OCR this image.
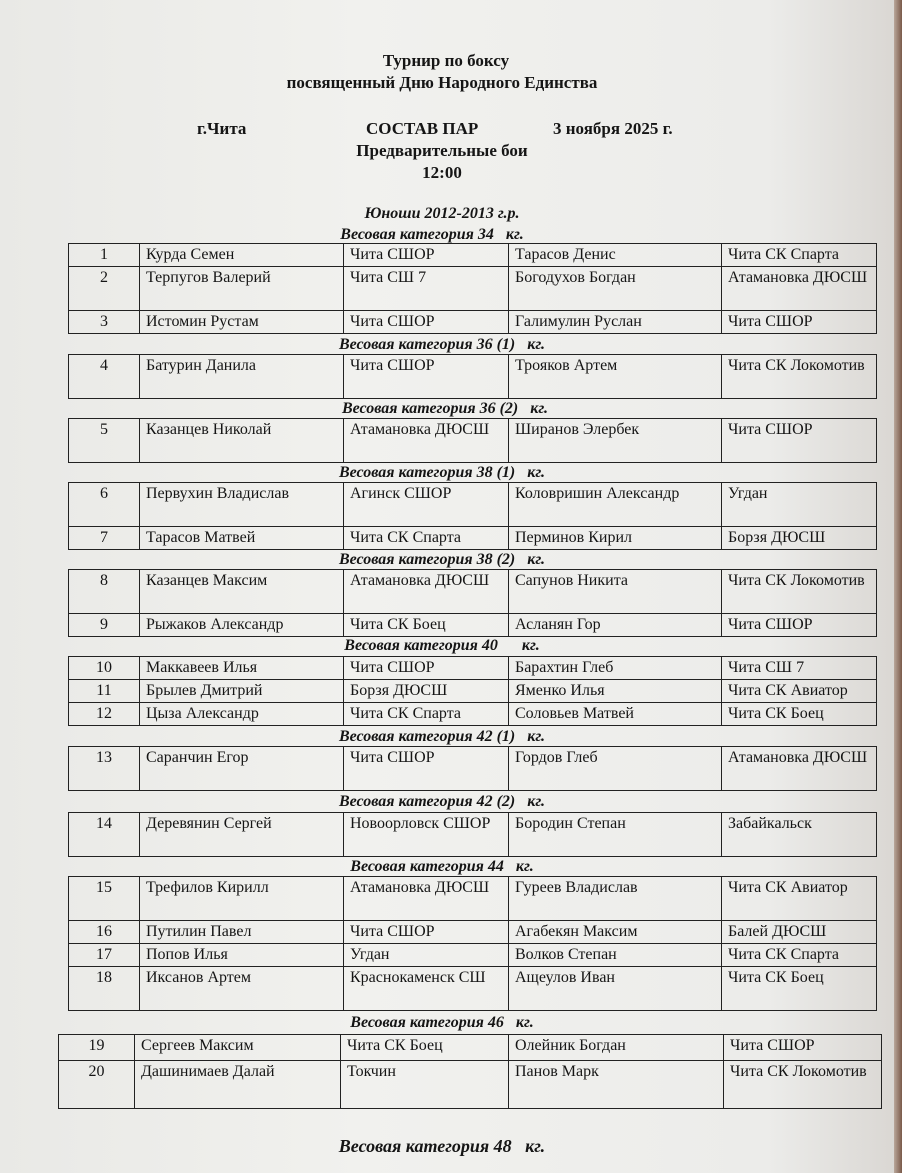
Турнир по боксу
посвященный Дню Народного Единства
г.Чита	СОСТАВ ПАР	3 ноября 2025 г.
Предварительные бои
12:00
Юноши 2012-2013 г.р.
Весовая категория 34   кг.
1	Курда Семен	Чита СШОР	Тарасов Денис	Чита СК Спарта
2	Терпугов Валерий	Чита СШ 7	Богодухов Богдан	Атамановка ДЮСШ
3	Истомин Рустам	Чита СШОР	Галимулин Руслан	Чита СШОР
Весовая категория 36 (1)   кг.
4	Батурин Данила	Чита СШОР	Трояков Артем	Чита СК Локомотив
Весовая категория 36 (2)   кг.
5	Казанцев Николай	Атамановка ДЮСШ	Ширанов Элербек	Чита СШОР
Весовая категория 38 (1)   кг.
6	Первухин Владислав	Агинск СШОР	Коловришин Александр	Угдан
7	Тарасов Матвей	Чита СК Спарта	Перминов Кирил	Борзя ДЮСШ
Весовая категория 38 (2)   кг.
8	Казанцев Максим	Атамановка ДЮСШ	Сапунов Никита	Чита СК Локомотив
9	Рыжаков Александр	Чита СК Боец	Асланян Гор	Чита СШОР
Весовая категория 40      кг.
10	Маккавеев Илья	Чита СШОР	Барахтин Глеб	Чита СШ 7
11	Брылев Дмитрий	Борзя ДЮСШ	Яменко Илья	Чита СК Авиатор
12	Цыза Александр	Чита СК Спарта	Соловьев Матвей	Чита СК Боец
Весовая категория 42 (1)   кг.
13	Саранчин Егор	Чита СШОР	Гордов Глеб	Атамановка ДЮСШ
Весовая категория 42 (2)   кг.
14	Деревянин Сергей	Новоорловск СШОР	Бородин Степан	Забайкальск
Весовая категория 44   кг.
15	Трефилов Кирилл	Атамановка ДЮСШ	Гуреев Владислав	Чита СК Авиатор
16	Путилин Павел	Чита СШОР	Агабекян Максим	Балей ДЮСШ
17	Попов Илья	Угдан	Волков Степан	Чита СК Спарта
18	Иксанов Артем	Краснокаменск СШ	Ащеулов Иван	Чита СК Боец
Весовая категория 46   кг.
19	Сергеев Максим	Чита СК Боец	Олейник Богдан	Чита СШОР
20	Дашинимаев Далай	Токчин	Панов Марк	Чита СК Локомотив
Весовая категория 48   кг.
